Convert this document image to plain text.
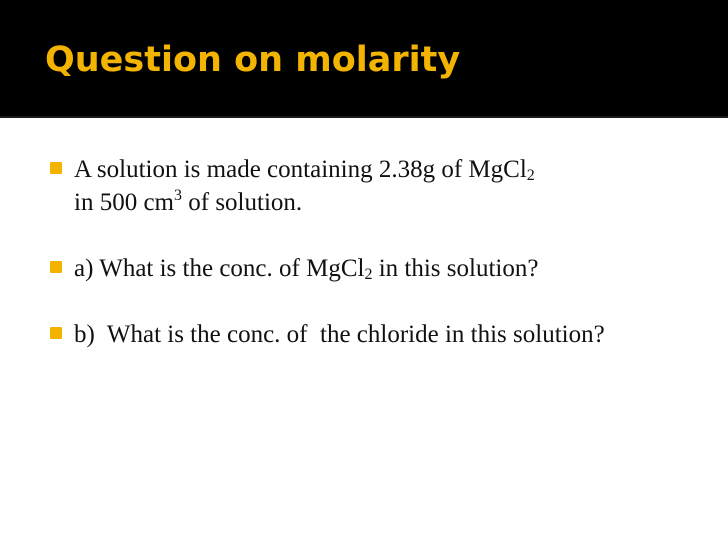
Question on molarity
A solution is made containing 2.38g of MgCl$_2$
in 500 $cm^3$ of solution.
a) What is the conc. of MgCl$_2$ in this solution?
b)  What is the conc. of  the chloride in this solution?
